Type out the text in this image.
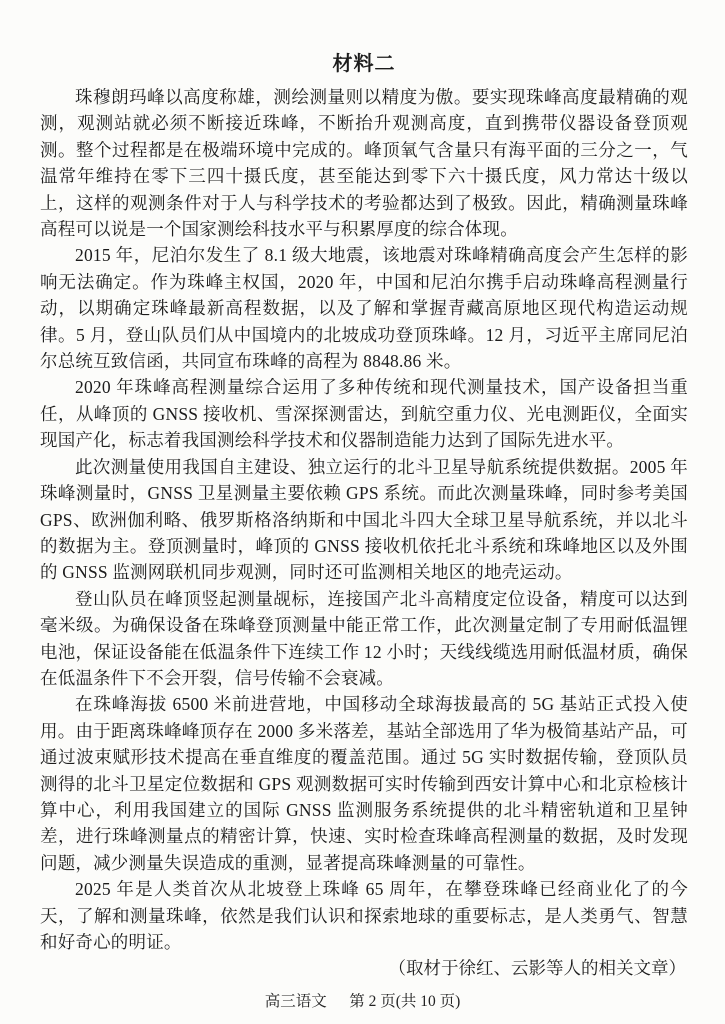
材料二

珠穆朗玛峰以高度称雄，测绘测量则以精度为傲。要实现珠峰高度最精确的观测，观测站就必须不断接近珠峰，不断抬升观测高度，直到携带仪器设备登顶观测。整个过程都是在极端环境中完成的。峰顶氧气含量只有海平面的三分之一，气温常年维持在零下三四十摄氏度，甚至能达到零下六十摄氏度，风力常达十级以上，这样的观测条件对于人与科学技术的考验都达到了极致。因此，精确测量珠峰高程可以说是一个国家测绘科技水平与积累厚度的综合体现。

2015 年，尼泊尔发生了 8.1 级大地震，该地震对珠峰精确高度会产生怎样的影响无法确定。作为珠峰主权国，2020 年，中国和尼泊尔携手启动珠峰高程测量行动，以期确定珠峰最新高程数据，以及了解和掌握青藏高原地区现代构造运动规律。5 月，登山队员们从中国境内的北坡成功登顶珠峰。12 月，习近平主席同尼泊尔总统互致信函，共同宣布珠峰的高程为 8848.86 米。

2020 年珠峰高程测量综合运用了多种传统和现代测量技术，国产设备担当重任，从峰顶的 GNSS 接收机、雪深探测雷达，到航空重力仪、光电测距仪，全面实现国产化，标志着我国测绘科学技术和仪器制造能力达到了国际先进水平。

此次测量使用我国自主建设、独立运行的北斗卫星导航系统提供数据。2005 年珠峰测量时，GNSS 卫星测量主要依赖 GPS 系统。而此次测量珠峰，同时参考美国 GPS、欧洲伽利略、俄罗斯格洛纳斯和中国北斗四大全球卫星导航系统，并以北斗的数据为主。登顶测量时，峰顶的 GNSS 接收机依托北斗系统和珠峰地区以及外围的 GNSS 监测网联机同步观测，同时还可监测相关地区的地壳运动。

登山队员在峰顶竖起测量觇标，连接国产北斗高精度定位设备，精度可以达到毫米级。为确保设备在珠峰登顶测量中能正常工作，此次测量定制了专用耐低温锂电池，保证设备能在低温条件下连续工作 12 小时；天线线缆选用耐低温材质，确保在低温条件下不会开裂，信号传输不会衰减。

在珠峰海拔 6500 米前进营地，中国移动全球海拔最高的 5G 基站正式投入使用。由于距离珠峰峰顶存在 2000 多米落差，基站全部选用了华为极简基站产品，可通过波束赋形技术提高在垂直维度的覆盖范围。通过 5G 实时数据传输，登顶队员测得的北斗卫星定位数据和 GPS 观测数据可实时传输到西安计算中心和北京检核计算中心，利用我国建立的国际 GNSS 监测服务系统提供的北斗精密轨道和卫星钟差，进行珠峰测量点的精密计算，快速、实时检查珠峰高程测量的数据，及时发现问题，减少测量失误造成的重测，显著提高珠峰测量的可靠性。

2025 年是人类首次从北坡登上珠峰 65 周年，在攀登珠峰已经商业化了的今天，了解和测量珠峰，依然是我们认识和探索地球的重要标志，是人类勇气、智慧和好奇心的明证。

（取材于徐红、云影等人的相关文章）

高三语文 第 2 页(共 10 页)
